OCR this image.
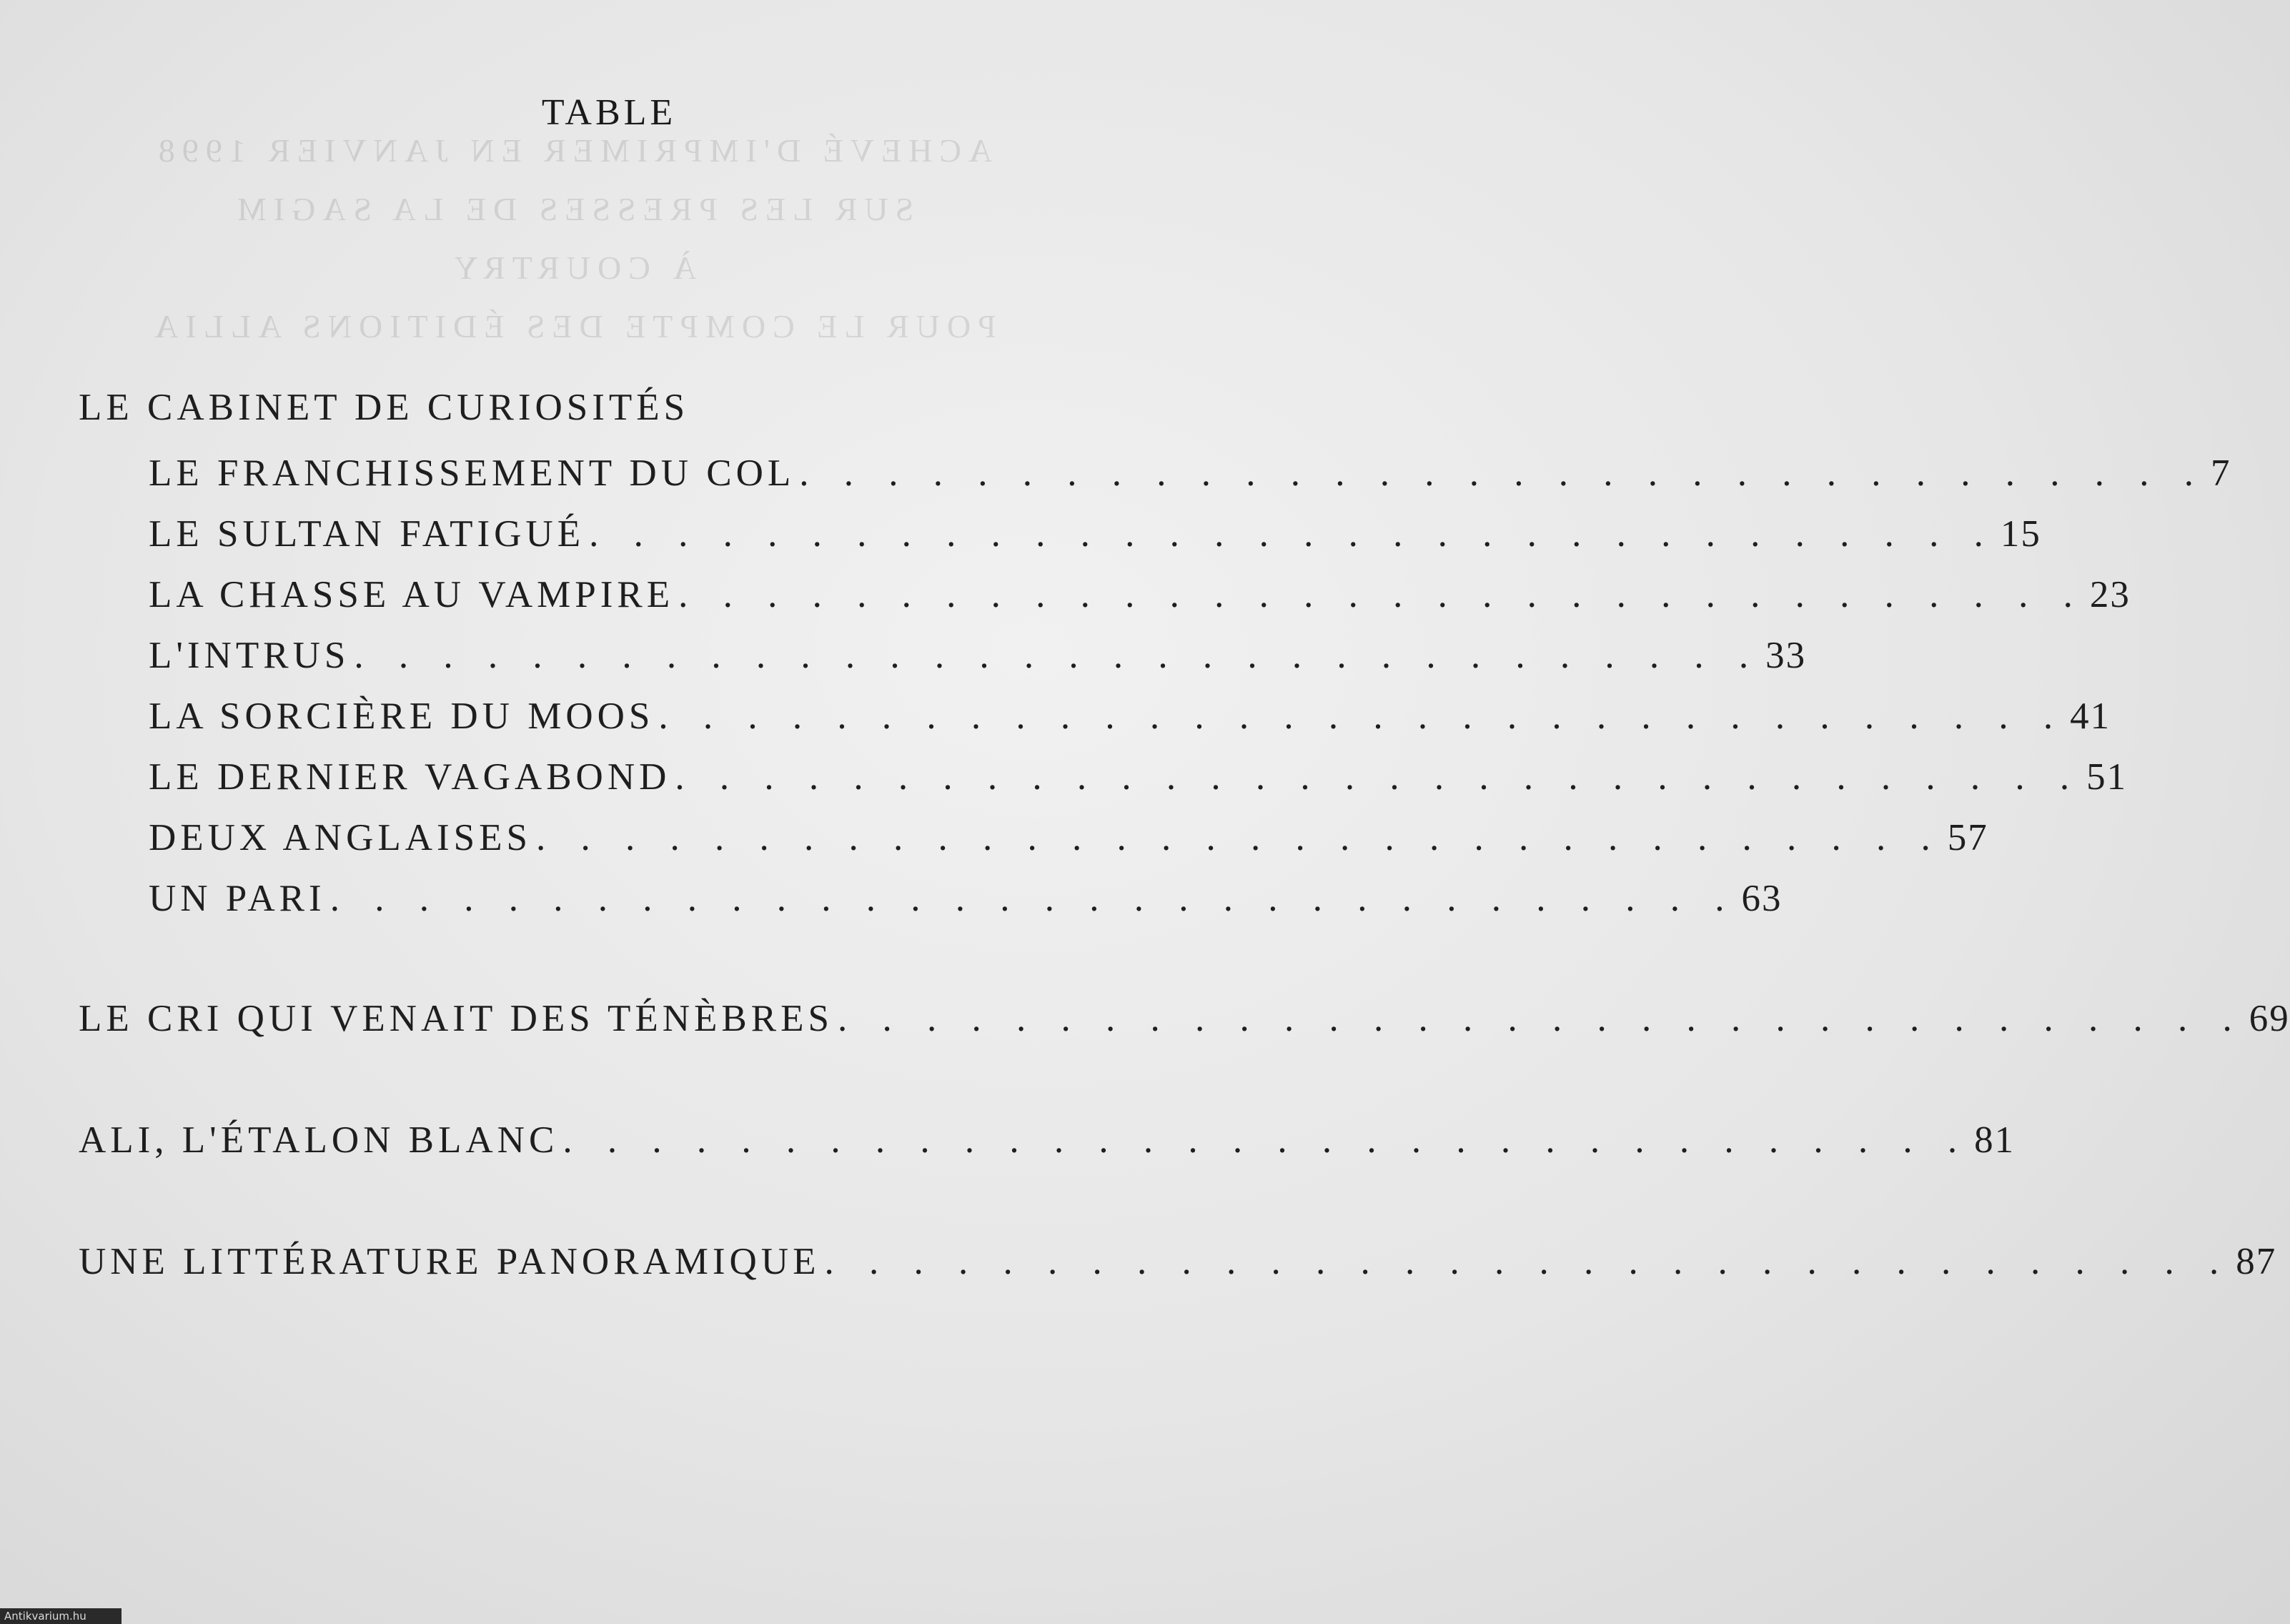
ACHEVÉ D'IMPRIMER EN JANVIER 1998
SUR LES PRESSES DE LA SAGIM
À COURTRY
POUR LE COMPTE DES ÉDITIONS ALLIA
TABLE
LE CABINET DE CURIOSITÉS
LE FRANCHISSEMENT DU COL . . . . . . . . . . . . . . . . . . . . . . . . . . . . . . . . 7
LE SULTAN FATIGUÉ . . . . . . . . . . . . . . . . . . . . . . . . . . . . . . . . 15
LA CHASSE AU VAMPIRE . . . . . . . . . . . . . . . . . . . . . . . . . . . . . . . . 23
L'INTRUS . . . . . . . . . . . . . . . . . . . . . . . . . . . . . . . . 33
LA SORCIÈRE DU MOOS . . . . . . . . . . . . . . . . . . . . . . . . . . . . . . . . 41
LE DERNIER VAGABOND . . . . . . . . . . . . . . . . . . . . . . . . . . . . . . . . 51
DEUX ANGLAISES . . . . . . . . . . . . . . . . . . . . . . . . . . . . . . . . 57
UN PARI . . . . . . . . . . . . . . . . . . . . . . . . . . . . . . . . 63
LE CRI QUI VENAIT DES TÉNÈBRES . . . . . . . . . . . . . . . . . . . . . . . . . . . . . . . . 69
ALI, L'ÉTALON BLANC . . . . . . . . . . . . . . . . . . . . . . . . . . . . . . . . 81
UNE LITTÉRATURE PANORAMIQUE . . . . . . . . . . . . . . . . . . . . . . . . . . . . . . . . 87
Antikvarium.hu
